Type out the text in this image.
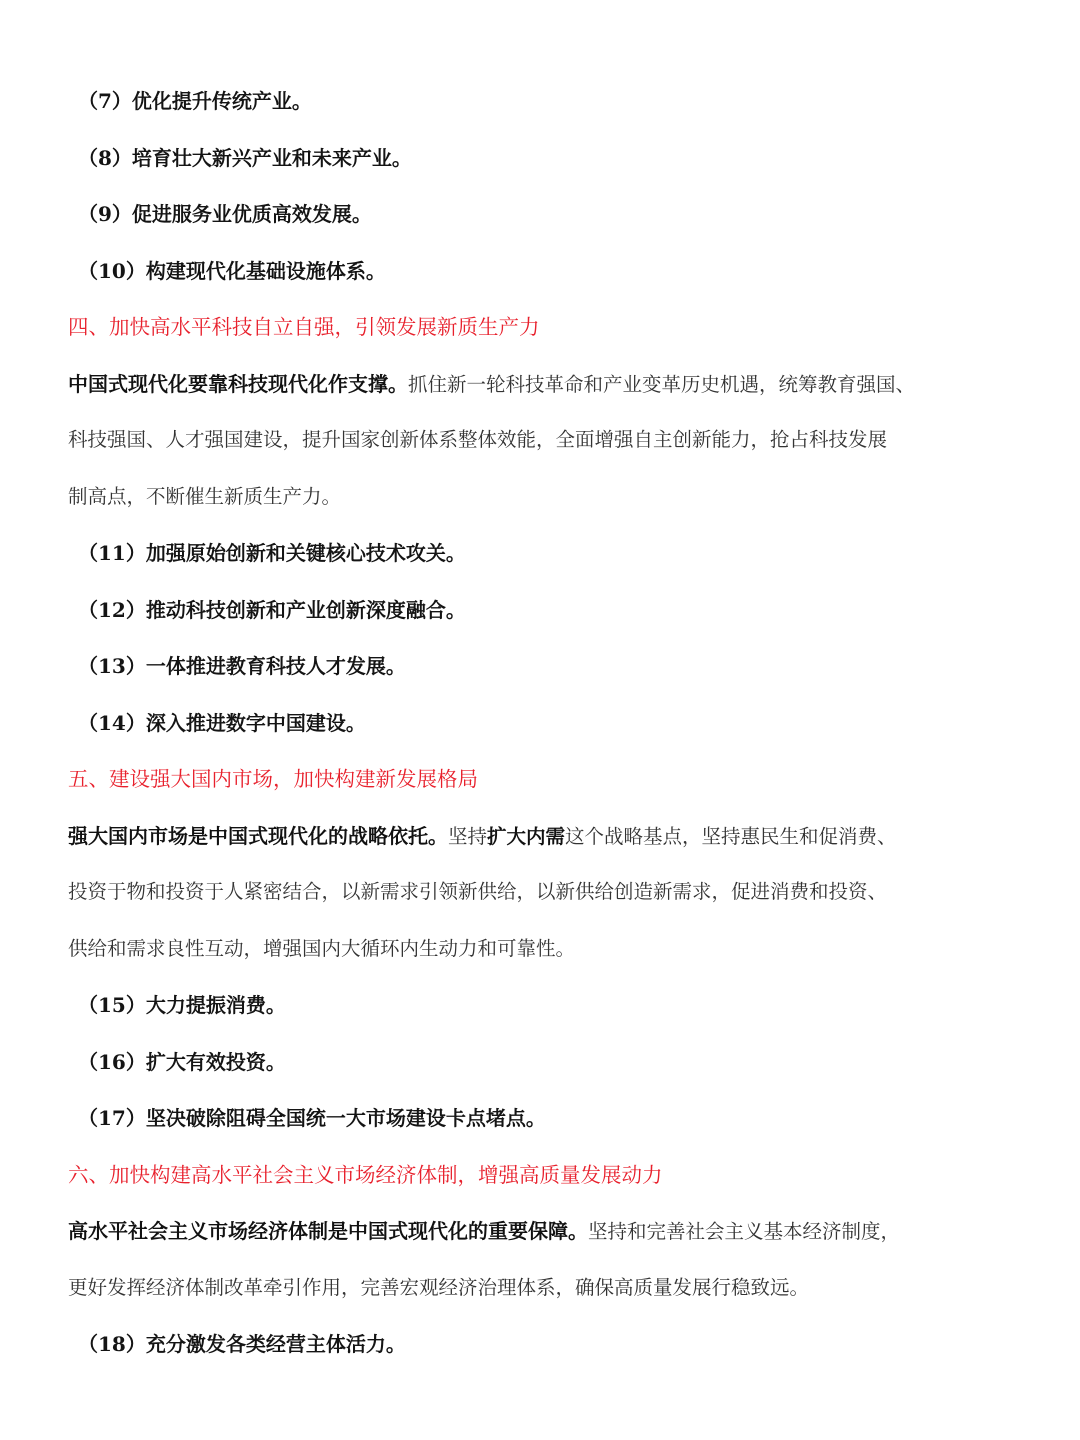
（7）优化提升传统产业。
（8）培育壮大新兴产业和未来产业。
（9）促进服务业优质高效发展。
（10）构建现代化基础设施体系。
四、加快高水平科技自立自强，引领发展新质生产力
中国式现代化要靠科技现代化作支撑。抓住新一轮科技革命和产业变革历史机遇，统筹教育强国、
科技强国、人才强国建设，提升国家创新体系整体效能，全面增强自主创新能力，抢占科技发展
制高点，不断催生新质生产力。
（11）加强原始创新和关键核心技术攻关。
（12）推动科技创新和产业创新深度融合。
（13）一体推进教育科技人才发展。
（14）深入推进数字中国建设。
五、建设强大国内市场，加快构建新发展格局
强大国内市场是中国式现代化的战略依托。坚持扩大内需这个战略基点，坚持惠民生和促消费、
投资于物和投资于人紧密结合，以新需求引领新供给，以新供给创造新需求，促进消费和投资、
供给和需求良性互动，增强国内大循环内生动力和可靠性。
（15）大力提振消费。
（16）扩大有效投资。
（17）坚决破除阻碍全国统一大市场建设卡点堵点。
六、加快构建高水平社会主义市场经济体制，增强高质量发展动力
高水平社会主义市场经济体制是中国式现代化的重要保障。坚持和完善社会主义基本经济制度，
更好发挥经济体制改革牵引作用，完善宏观经济治理体系，确保高质量发展行稳致远。
（18）充分激发各类经营主体活力。
